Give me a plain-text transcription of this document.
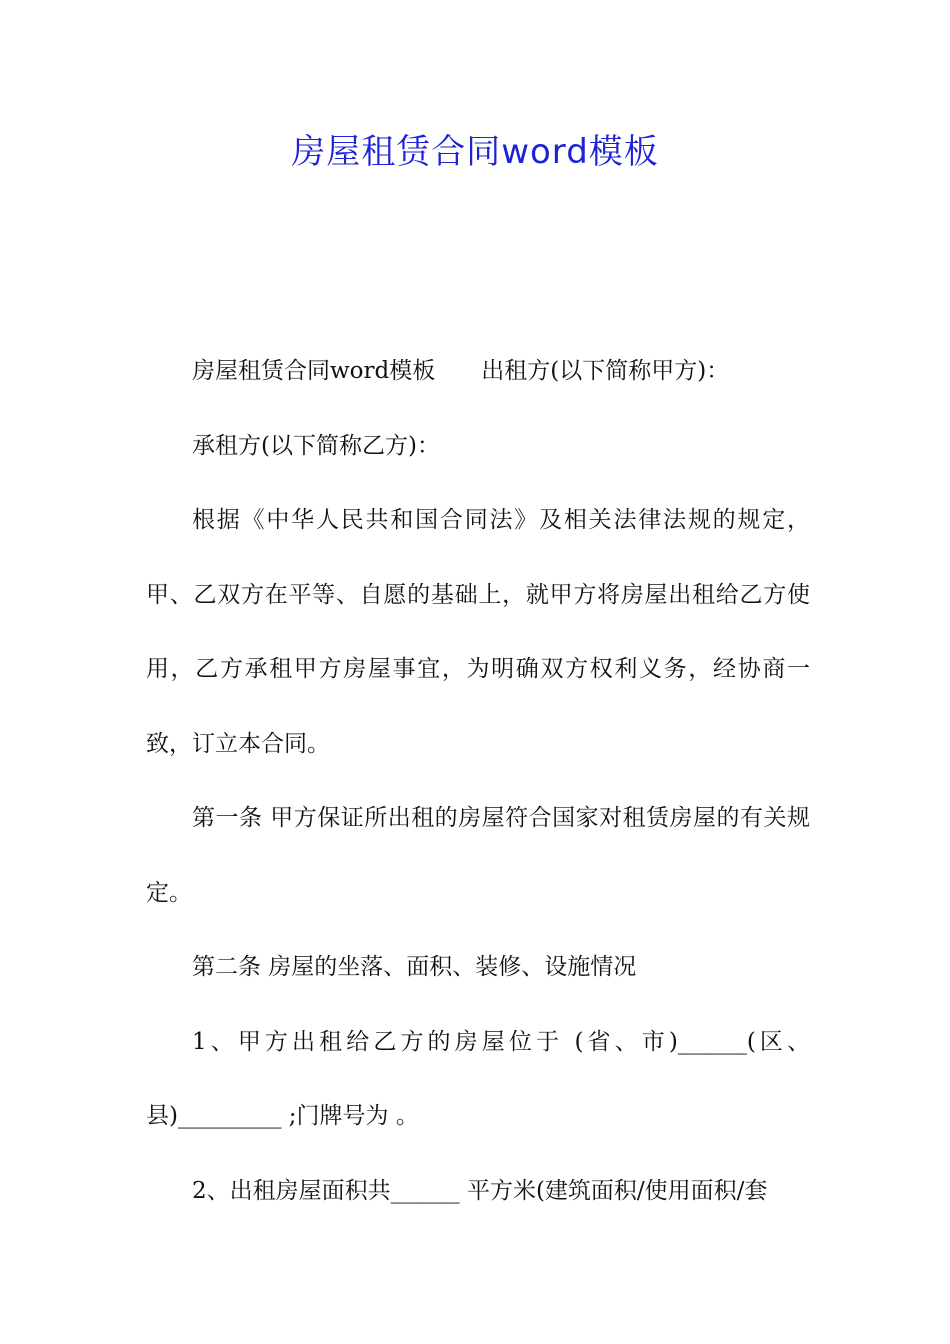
房屋租赁合同word模板

房屋租赁合同word模板 出租方(以下简称甲方)：

承租方(以下简称乙方)：

根据《中华人民共和国合同法》及相关法律法规的规定，甲、乙双方在平等、自愿的基础上，就甲方将房屋出租给乙方使用，乙方承租甲方房屋事宜，为明确双方权利义务，经协商一致，订立本合同。

第一条 甲方保证所出租的房屋符合国家对租赁房屋的有关规定。

第二条 房屋的坐落、面积、装修、设施情况

1、甲方出租给乙方的房屋位于 (省、市)______(区、县)_________ ;门牌号为 。

2、出租房屋面积共______ 平方米(建筑面积/使用面积/套
